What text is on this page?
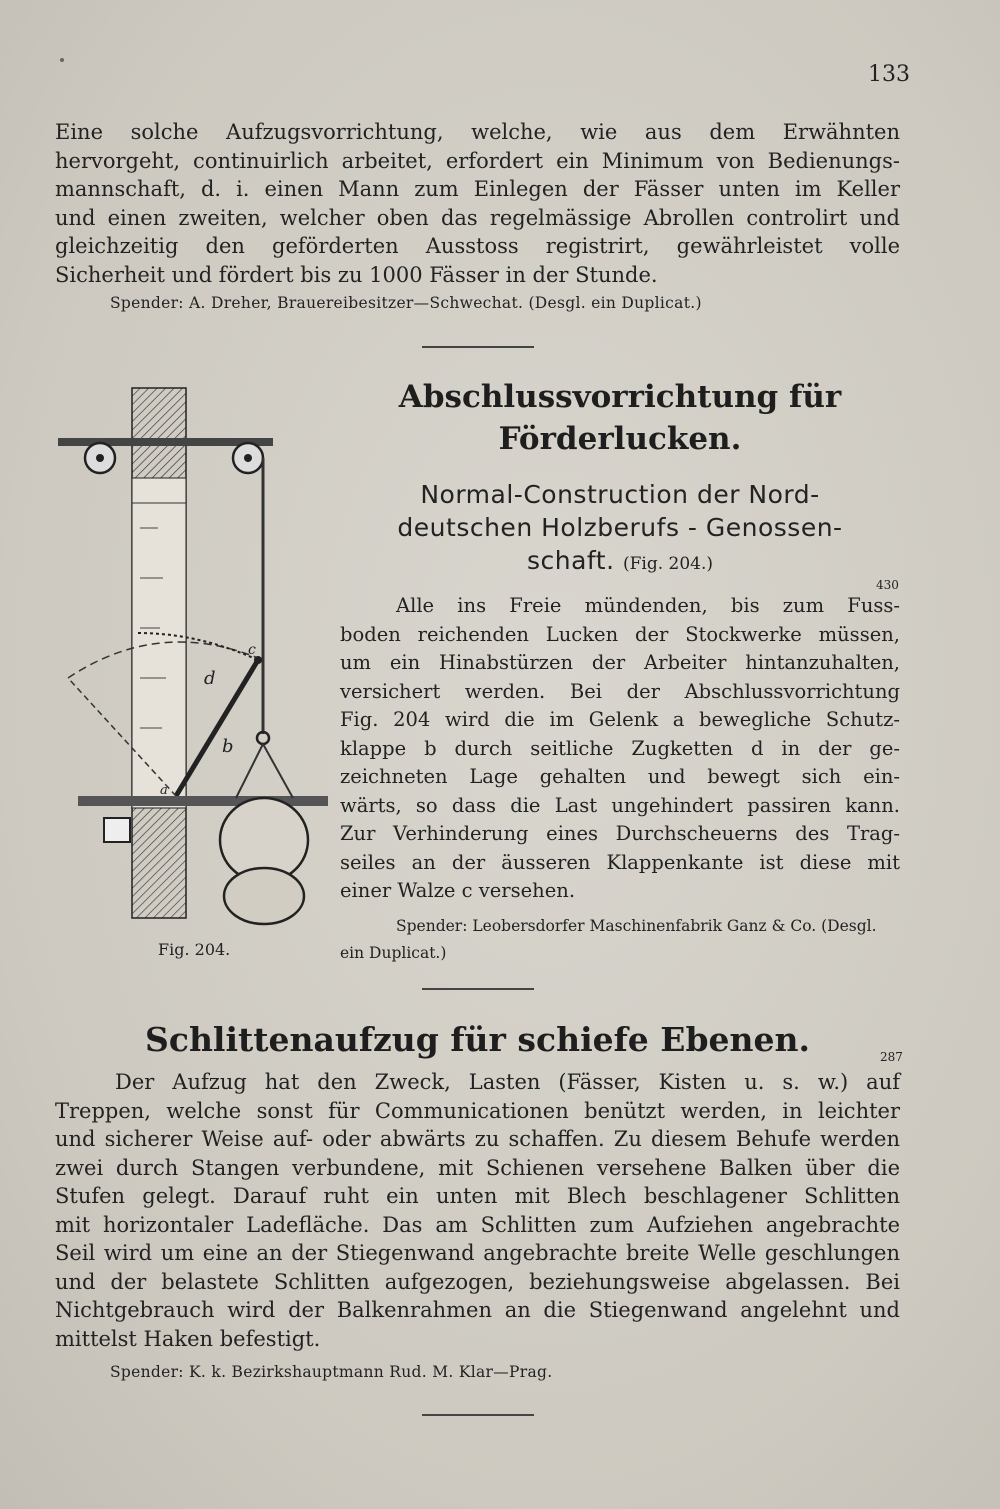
133
Eine solche Aufzugsvorrichtung, welche, wie aus dem Erwähnten
hervorgeht, continuirlich arbeitet, erfordert ein Minimum von Bedienungs-
mannschaft, d. i. einen Mann zum Einlegen der Fässer unten im Keller
und einen zweiten, welcher oben das regelmässige Abrollen controlirt und
gleichzeitig den geförderten Ausstoss registrirt, gewährleistet volle
Sicherheit und fördert bis zu 1000 Fässer in der Stunde.
Spender: A. Dreher, Brauereibesitzer—Schwechat. (Desgl. ein Duplicat.)
Abschlussvorrichtung für
Förderlucken.
Normal-Construction der Nord-
deutschen Holzberufs - Genossen-
schaft. (Fig. 204.)
430
Alle ins Freie mündenden, bis zum Fuss-
boden reichenden Lucken der Stockwerke müssen,
um ein Hinabstürzen der Arbeiter hintanzuhalten,
versichert werden. Bei der Abschlussvorrichtung
Fig. 204 wird die im Gelenk a bewegliche Schutz-
klappe b durch seitliche Zugketten d in der ge-
zeichneten Lage gehalten und bewegt sich ein-
wärts, so dass die Last ungehindert passiren kann.
Zur Verhinderung eines Durchscheuerns des Trag-
seiles an der äusseren Klappenkante ist diese mit
einer Walze c versehen.
Spender: Leobersdorfer Maschinenfabrik Ganz & Co. (Desgl.
ein Duplicat.)
d
b
c
a
Fig. 204.
Schlittenaufzug für schiefe Ebenen.	287
Der Aufzug hat den Zweck, Lasten (Fässer, Kisten u. s. w.) auf
Treppen, welche sonst für Communicationen benützt werden, in leichter
und sicherer Weise auf- oder abwärts zu schaffen. Zu diesem Behufe werden
zwei durch Stangen verbundene, mit Schienen versehene Balken über die
Stufen gelegt. Darauf ruht ein unten mit Blech beschlagener Schlitten
mit horizontaler Ladefläche. Das am Schlitten zum Aufziehen angebrachte
Seil wird um eine an der Stiegenwand angebrachte breite Welle geschlungen
und der belastete Schlitten aufgezogen, beziehungsweise abgelassen. Bei
Nichtgebrauch wird der Balkenrahmen an die Stiegenwand angelehnt und
mittelst Haken befestigt.
Spender: K. k. Bezirkshauptmann Rud. M. Klar—Prag.
